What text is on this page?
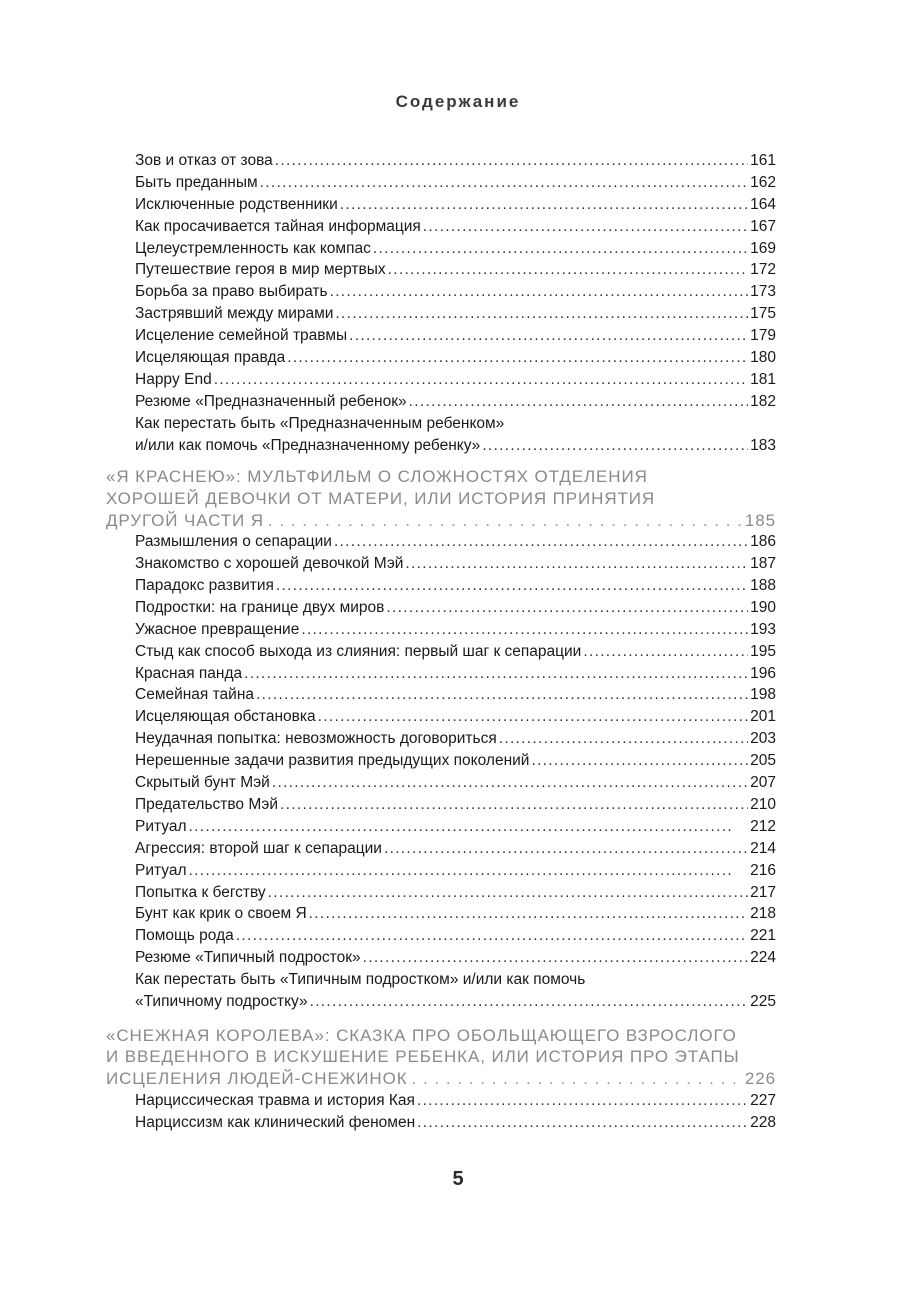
Содержание
Зов и отказ от зова . . .	161
Быть преданным . . .	162
Исключенные родственники . . .	164
Как просачивается тайная информация . . .	167
Целеустремленность как компас . . .	169
Путешествие героя в мир мертвых . . .	172
Борьба за право выбирать . . .	173
Застрявший между мирами . . .	175
Исцеление семейной травмы . . .	179
Исцеляющая правда . . .	180
Happy End . . .	181
Резюме «Предназначенный ребенок» . . .	182
Как перестать быть «Предназначенным ребенком»
и/или как помочь «Предназначенному ребенку» . . .	183
«Я КРАСНЕЮ»: МУЛЬТФИЛЬМ О СЛОЖНОСТЯХ ОТДЕЛЕНИЯ
ХОРОШЕЙ ДЕВОЧКИ ОТ МАТЕРИ, ИЛИ ИСТОРИЯ ПРИНЯТИЯ
ДРУГОЙ ЧАСТИ Я . . .	185
Размышления о сепарации . . .	186
Знакомство с хорошей девочкой Мэй . . .	187
Парадокс развития . . .	188
Подростки: на границе двух миров . . .	190
Ужасное превращение . . .	193
Стыд как способ выхода из слияния: первый шаг к сепарации . . .	195
Красная панда . . .	196
Семейная тайна . . .	198
Исцеляющая обстановка . . .	201
Неудачная попытка: невозможность договориться . . .	203
Нерешенные задачи развития предыдущих поколений . . .	205
Скрытый бунт Мэй . . .	207
Предательство Мэй . . .	210
Ритуал . . .	212
Агрессия: второй шаг к сепарации . . .	214
Ритуал . . .	216
Попытка к бегству . . .	217
Бунт как крик о своем Я . . .	218
Помощь рода . . .	221
Резюме «Типичный подросток» . . .	224
Как перестать быть «Типичным подростком» и/или как помочь
«Типичному подростку» . . .	225
«СНЕЖНАЯ КОРОЛЕВА»: СКАЗКА ПРО ОБОЛЬЩАЮЩЕГО ВЗРОСЛОГО
И ВВЕДЕННОГО В ИСКУШЕНИЕ РЕБЕНКА, ИЛИ ИСТОРИЯ ПРО ЭТАПЫ
ИСЦЕЛЕНИЯ ЛЮДЕЙ-СНЕЖИНОК . . .	226
Нарциссическая травма и история Кая . . .	227
Нарциссизм как клинический феномен . . .	228
5
